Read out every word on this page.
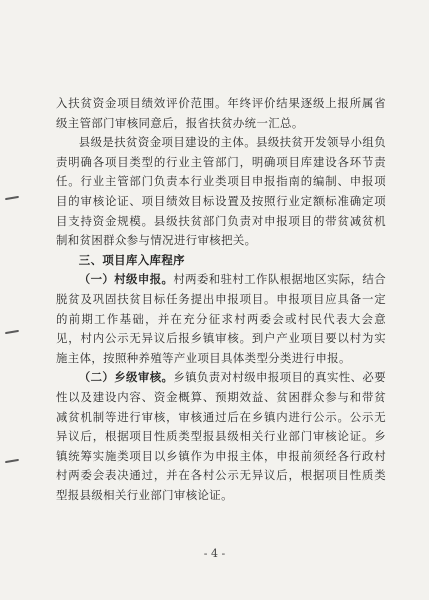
入扶贫资金项目绩效评价范围。年终评价结果逐级上报所属省级主管部门审核同意后，报省扶贫办统一汇总。

县级是扶贫资金项目建设的主体。县级扶贫开发领导小组负责明确各项目类型的行业主管部门，明确项目库建设各环节责任。行业主管部门负责本行业类项目申报指南的编制、申报项目的审核论证、项目绩效目标设置及按照行业定额标准确定项目支持资金规模。县级扶贫部门负责对申报项目的带贫减贫机制和贫困群众参与情况进行审核把关。

三、项目库入库程序

（一）村级申报。村两委和驻村工作队根据地区实际，结合脱贫及巩固扶贫目标任务提出申报项目。申报项目应具备一定的前期工作基础，并在充分征求村两委会或村民代表大会意见，村内公示无异议后报乡镇审核。到户产业项目要以村为实施主体，按照种养殖等产业项目具体类型分类进行申报。

（二）乡级审核。乡镇负责对村级申报项目的真实性、必要性以及建设内容、资金概算、预期效益、贫困群众参与和带贫减贫机制等进行审核，审核通过后在乡镇内进行公示。公示无异议后，根据项目性质类型报县级相关行业部门审核论证。乡镇统筹实施类项目以乡镇作为申报主体，申报前须经各行政村村两委会表决通过，并在各村公示无异议后，根据项目性质类型报县级相关行业部门审核论证。

- 4 -
